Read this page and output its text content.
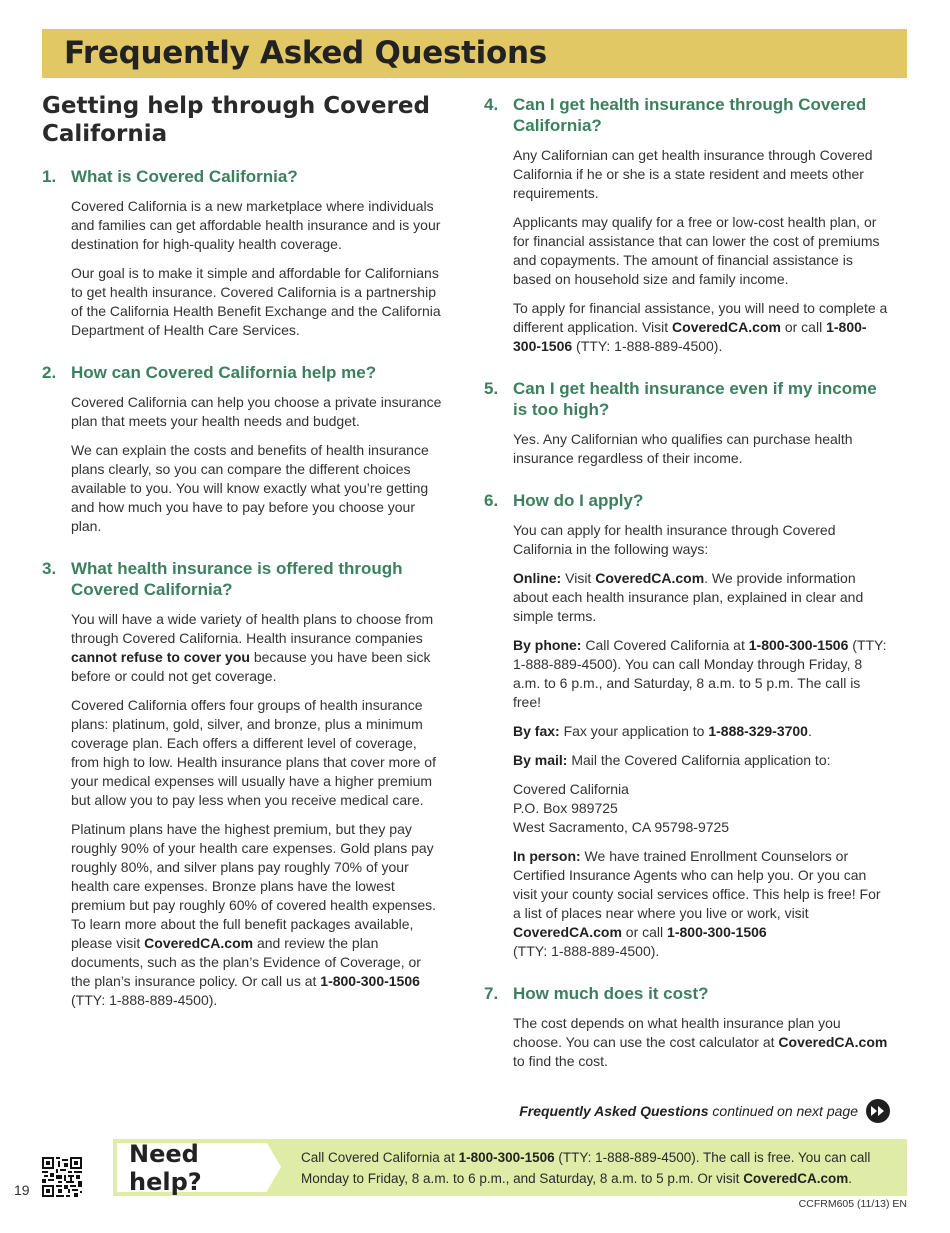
Frequently Asked Questions
Getting help through Covered California
1. What is Covered California?

Covered California is a new marketplace where individuals and families can get affordable health insurance and is your destination for high-quality health coverage.

Our goal is to make it simple and affordable for Californians to get health insurance. Covered California is a partnership of the California Health Benefit Exchange and the California Department of Health Care Services.

2. How can Covered California help me?

Covered California can help you choose a private insurance plan that meets your health needs and budget.

We can explain the costs and benefits of health insurance plans clearly, so you can compare the different choices available to you. You will know exactly what you’re getting and how much you have to pay before you choose your plan.

3. What health insurance is offered through Covered California?

You will have a wide variety of health plans to choose from through Covered California. Health insurance companies cannot refuse to cover you because you have been sick before or could not get coverage.

Covered California offers four groups of health insurance plans: platinum, gold, silver, and bronze, plus a minimum coverage plan. Each offers a different level of coverage, from high to low. Health insurance plans that cover more of your medical expenses will usually have a higher premium but allow you to pay less when you receive medical care.

Platinum plans have the highest premium, but they pay roughly 90% of your health care expenses. Gold plans pay roughly 80%, and silver plans pay roughly 70% of your health care expenses. Bronze plans have the lowest premium but pay roughly 60% of covered health expenses. To learn more about the full benefit packages available, please visit CoveredCA.com and review the plan documents, such as the plan’s Evidence of Coverage, or the plan’s insurance policy. Or call us at 1-800-300-1506 (TTY: 1-888-889-4500).

4. Can I get health insurance through Covered California?

Any Californian can get health insurance through Covered California if he or she is a state resident and meets other requirements.

Applicants may qualify for a free or low-cost health plan, or for financial assistance that can lower the cost of premiums and copayments. The amount of financial assistance is based on household size and family income.

To apply for financial assistance, you will need to complete a different application. Visit CoveredCA.com or call 1-800-300-1506 (TTY: 1-888-889-4500).

5. Can I get health insurance even if my income is too high?

Yes. Any Californian who qualifies can purchase health insurance regardless of their income.

6. How do I apply?

You can apply for health insurance through Covered California in the following ways:

Online: Visit CoveredCA.com. We provide information about each health insurance plan, explained in clear and simple terms.

By phone: Call Covered California at 1-800-300-1506 (TTY: 1-888-889-4500). You can call Monday through Friday, 8 a.m. to 6 p.m., and Saturday, 8 a.m. to 5 p.m. The call is free!

By fax: Fax your application to 1-888-329-3700.

By mail: Mail the Covered California application to:

Covered California
P.O. Box 989725
West Sacramento, CA 95798-9725

In person: We have trained Enrollment Counselors or Certified Insurance Agents who can help you. Or you can visit your county social services office. This help is free! For a list of places near where you live or work, visit CoveredCA.com or call 1-800-300-1506
(TTY: 1-888-889-4500).

7. How much does it cost?

The cost depends on what health insurance plan you choose. You can use the cost calculator at CoveredCA.com to find the cost.

Frequently Asked Questions continued on next page
19
Need help?
Call Covered California at 1-800-300-1506 (TTY: 1-888-889-4500). The call is free. You can call Monday to Friday, 8 a.m. to 6 p.m., and Saturday, 8 a.m. to 5 p.m. Or visit CoveredCA.com.
CCFRM605 (11/13) EN
